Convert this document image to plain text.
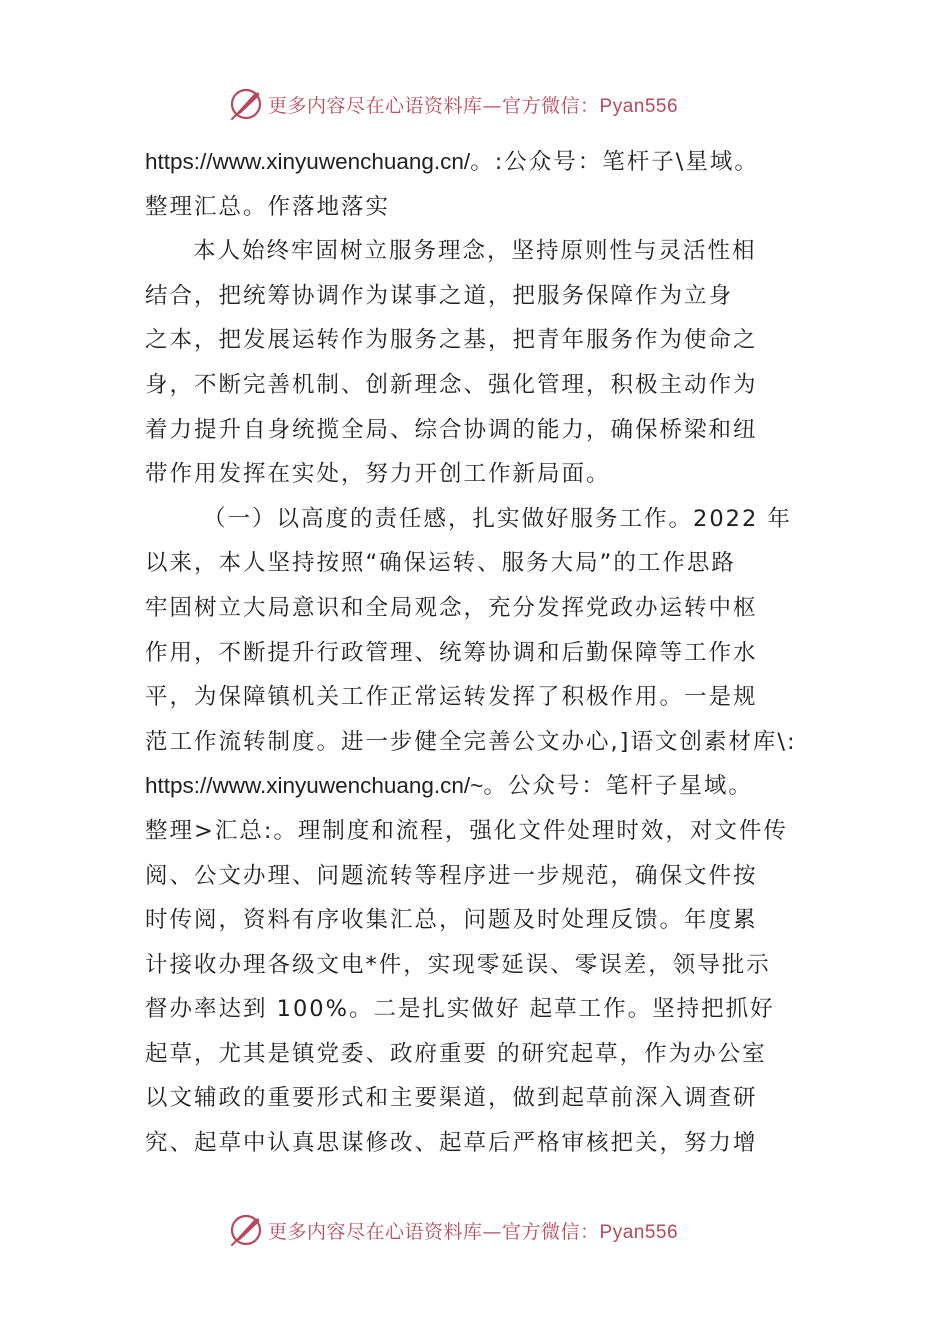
更多内容尽在心语资料库—官方微信：Pyan556
https://www.xinyuwenchuang.cn/。:公众号：笔杆子\星域。
整理汇总。作落地落实
本人始终牢固树立服务理念，坚持原则性与灵活性相
结合，把统筹协调作为谋事之道，把服务保障作为立身
之本，把发展运转作为服务之基，把青年服务作为使命之
身，不断完善机制、创新理念、强化管理，积极主动作为
着力提升自身统揽全局、综合协调的能力，确保桥梁和纽
带作用发挥在实处，努力开创工作新局面。
（一）以高度的责任感，扎实做好服务工作。2022 年
以来，本人坚持按照“确保运转、服务大局”的工作思路
牢固树立大局意识和全局观念，充分发挥党政办运转中枢
作用，不断提升行政管理、统筹协调和后勤保障等工作水
平，为保障镇机关工作正常运转发挥了积极作用。一是规
范工作流转制度。进一步健全完善公文办心,]语文创素材库\:
https://www.xinyuwenchuang.cn/~。公众号：笔杆子星域。
整理>汇总:。理制度和流程，强化文件处理时效，对文件传
阅、公文办理、问题流转等程序进一步规范，确保文件按
时传阅，资料有序收集汇总，问题及时处理反馈。年度累
计接收办理各级文电*件，实现零延误、零误差，领导批示
督办率达到 100%。二是扎实做好 起草工作。坚持把抓好
起草，尤其是镇党委、政府重要 的研究起草，作为办公室
以文辅政的重要形式和主要渠道，做到起草前深入调查研
究、起草中认真思谋修改、起草后严格审核把关，努力增
更多内容尽在心语资料库—官方微信：Pyan556
